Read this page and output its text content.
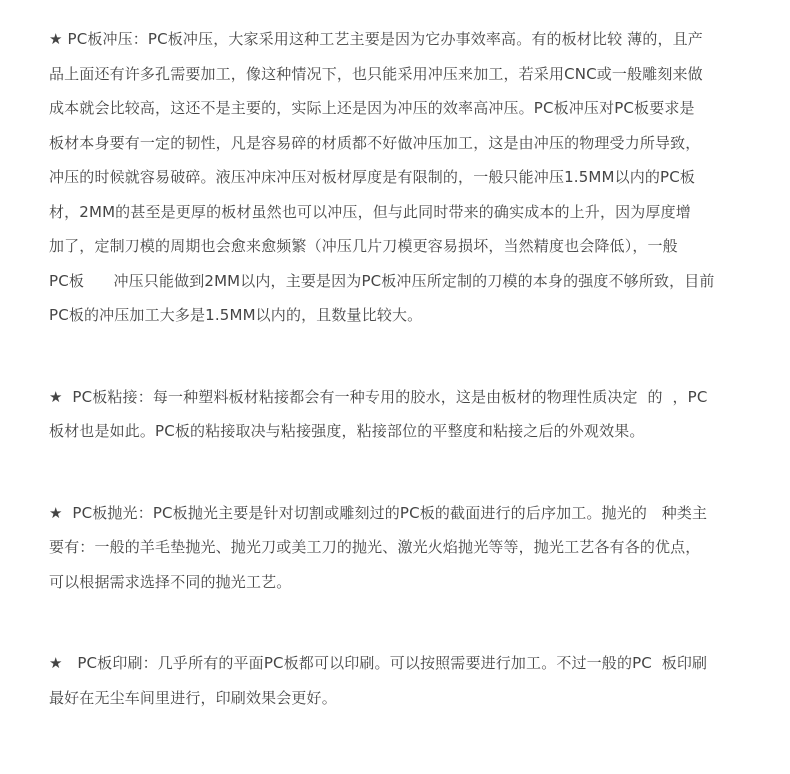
★ PC板冲压：PC板冲压，大家采用这种工艺主要是因为它办事效率高。有的板材比较 薄的，且产
品上面还有许多孔需要加工，像这种情况下，也只能采用冲压来加工，若采用CNC或一般雕刻来做
成本就会比较高，这还不是主要的，实际上还是因为冲压的效率高冲压。PC板冲压对PC板要求是
板材本身要有一定的韧性，凡是容易碎的材质都不好做冲压加工，这是由冲压的物理受力所导致，
冲压的时候就容易破碎。液压冲床冲压对板材厚度是有限制的，一般只能冲压1.5MM以内的PC板
材，2MM的甚至是更厚的板材虽然也可以冲压，但与此同时带来的确实成本的上升，因为厚度增
加了，定制刀模的周期也会愈来愈频繁（冲压几片刀模更容易损坏，当然精度也会降低），一般
PC板      冲压只能做到2MM以内，主要是因为PC板冲压所定制的刀模的本身的强度不够所致，目前
PC板的冲压加工大多是1.5MM以内的，且数量比较大。
★  PC板粘接：每一种塑料板材粘接都会有一种专用的胶水，这是由板材的物理性质决定  的  ，PC
板材也是如此。PC板的粘接取决与粘接强度，粘接部位的平整度和粘接之后的外观效果。
★  PC板抛光：PC板抛光主要是针对切割或雕刻过的PC板的截面进行的后序加工。抛光的   种类主
要有：一般的羊毛垫抛光、抛光刀或美工刀的抛光、激光火焰抛光等等，抛光工艺各有各的优点，
可以根据需求选择不同的抛光工艺。
★   PC板印刷：几乎所有的平面PC板都可以印刷。可以按照需要进行加工。不过一般的PC  板印刷
最好在无尘车间里进行，印刷效果会更好。
